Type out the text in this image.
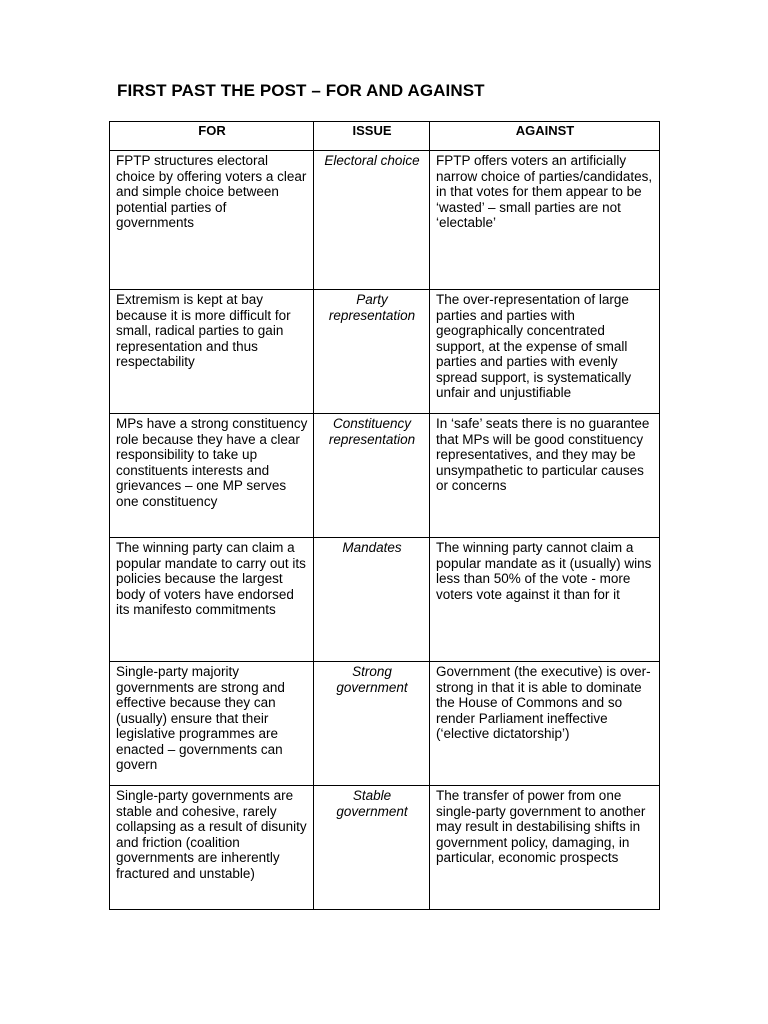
FIRST PAST THE POST – FOR AND AGAINST
FOR	ISSUE	AGAINST
FPTP structures electoral choice by offering voters a clear and simple choice between potential parties of governments	Electoral choice	FPTP offers voters an artificially narrow choice of parties/candidates, in that votes for them appear to be ‘wasted’ – small parties are not ‘electable’
Extremism is kept at bay because it is more difficult for small, radical parties to gain representation and thus respectability	Party representation	The over-representation of large parties and parties with geographically concentrated support, at the expense of small parties and parties with evenly spread support, is systematically unfair and unjustifiable
MPs have a strong constituency role because they have a clear responsibility to take up constituents interests and grievances – one MP serves one constituency	Constituency representation	In ‘safe’ seats there is no guarantee that MPs will be good constituency representatives, and they may be unsympathetic to particular causes or concerns
The winning party can claim a popular mandate to carry out its policies because the largest body of voters have endorsed its manifesto commitments	Mandates	The winning party cannot claim a popular mandate as it (usually) wins less than 50% of the vote - more voters vote against it than for it
Single-party majority governments are strong and effective because they can (usually) ensure that their legislative programmes are enacted – governments can govern	Strong government	Government (the executive) is over-strong in that it is able to dominate the House of Commons and so render Parliament ineffective (‘elective dictatorship’)
Single-party governments are stable and cohesive, rarely collapsing as a result of disunity and friction (coalition governments are inherently fractured and unstable)	Stable government	The transfer of power from one single-party government to another may result in destabilising shifts in government policy, damaging, in particular, economic prospects
